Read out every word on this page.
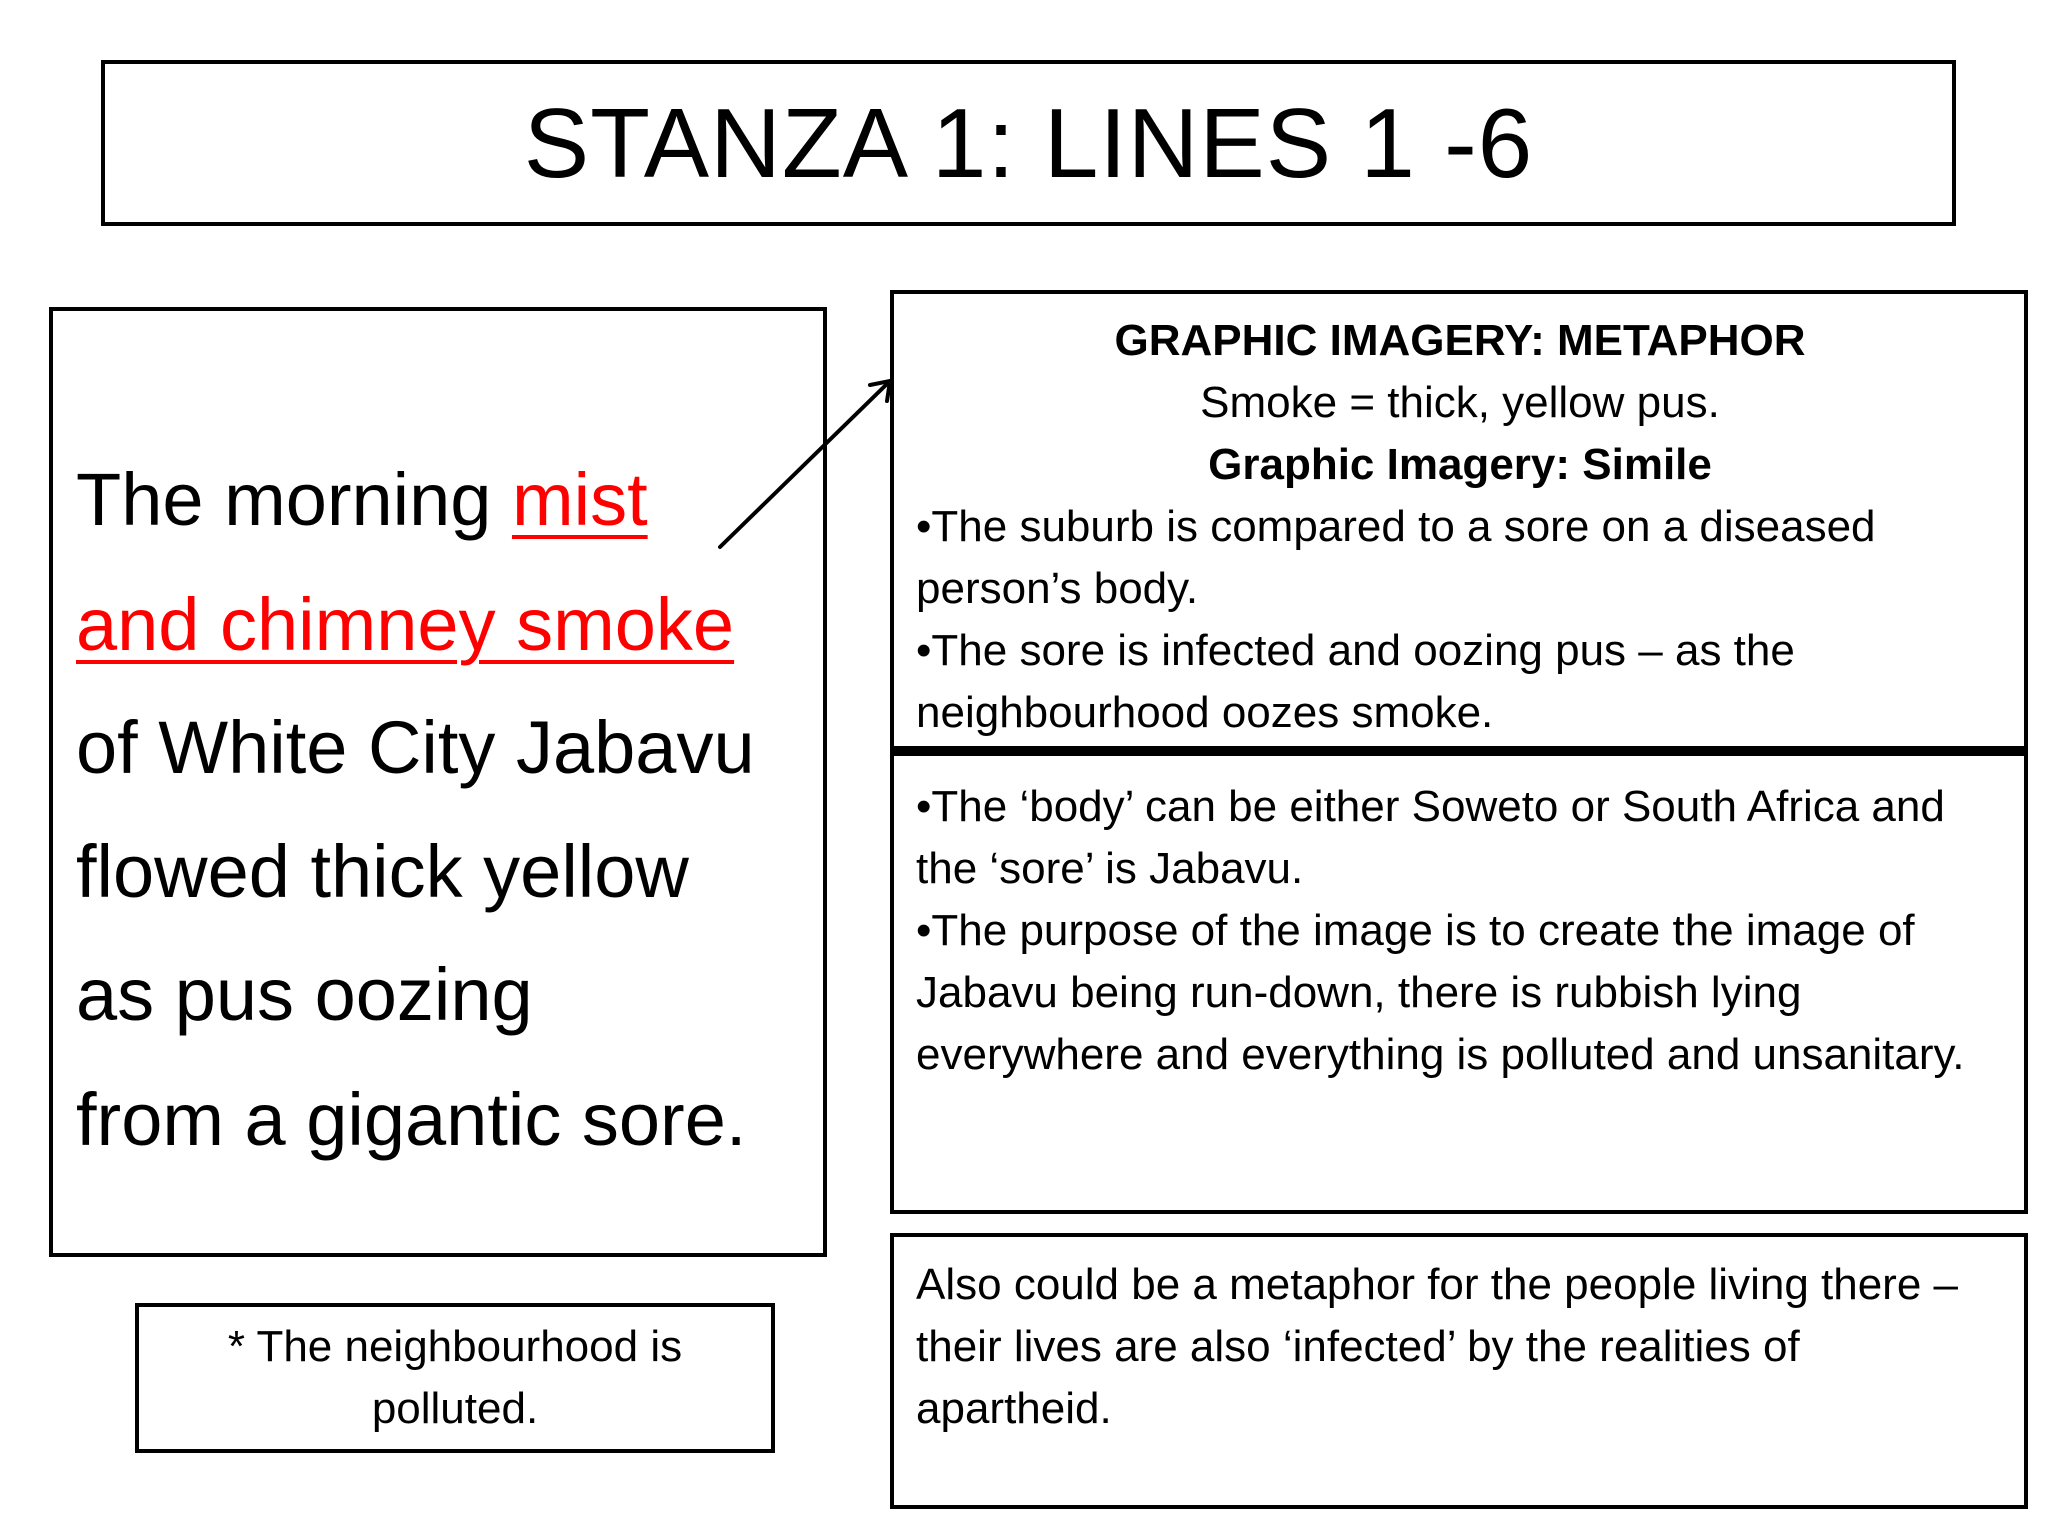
STANZA 1: LINES 1 -6
The morning mist
and chimney smoke
of White City Jabavu
flowed thick yellow
as pus oozing
from a gigantic sore.
* The neighbourhood is
polluted.

GRAPHIC IMAGERY: METAPHOR

Smoke = thick, yellow pus.

Graphic Imagery: Simile

•The suburb is compared to a sore on a diseased person’s body.

•The sore is infected and oozing pus – as the neighbourhood oozes smoke.

•The ‘body’ can be either Soweto or South Africa and the ‘sore’ is Jabavu.

•The purpose of the image is to create the image of Jabavu being run-down, there is rubbish lying everywhere and everything is polluted and unsanitary.

Also could be a metaphor for the people living there – their lives are also ‘infected’ by the realities of apartheid.
